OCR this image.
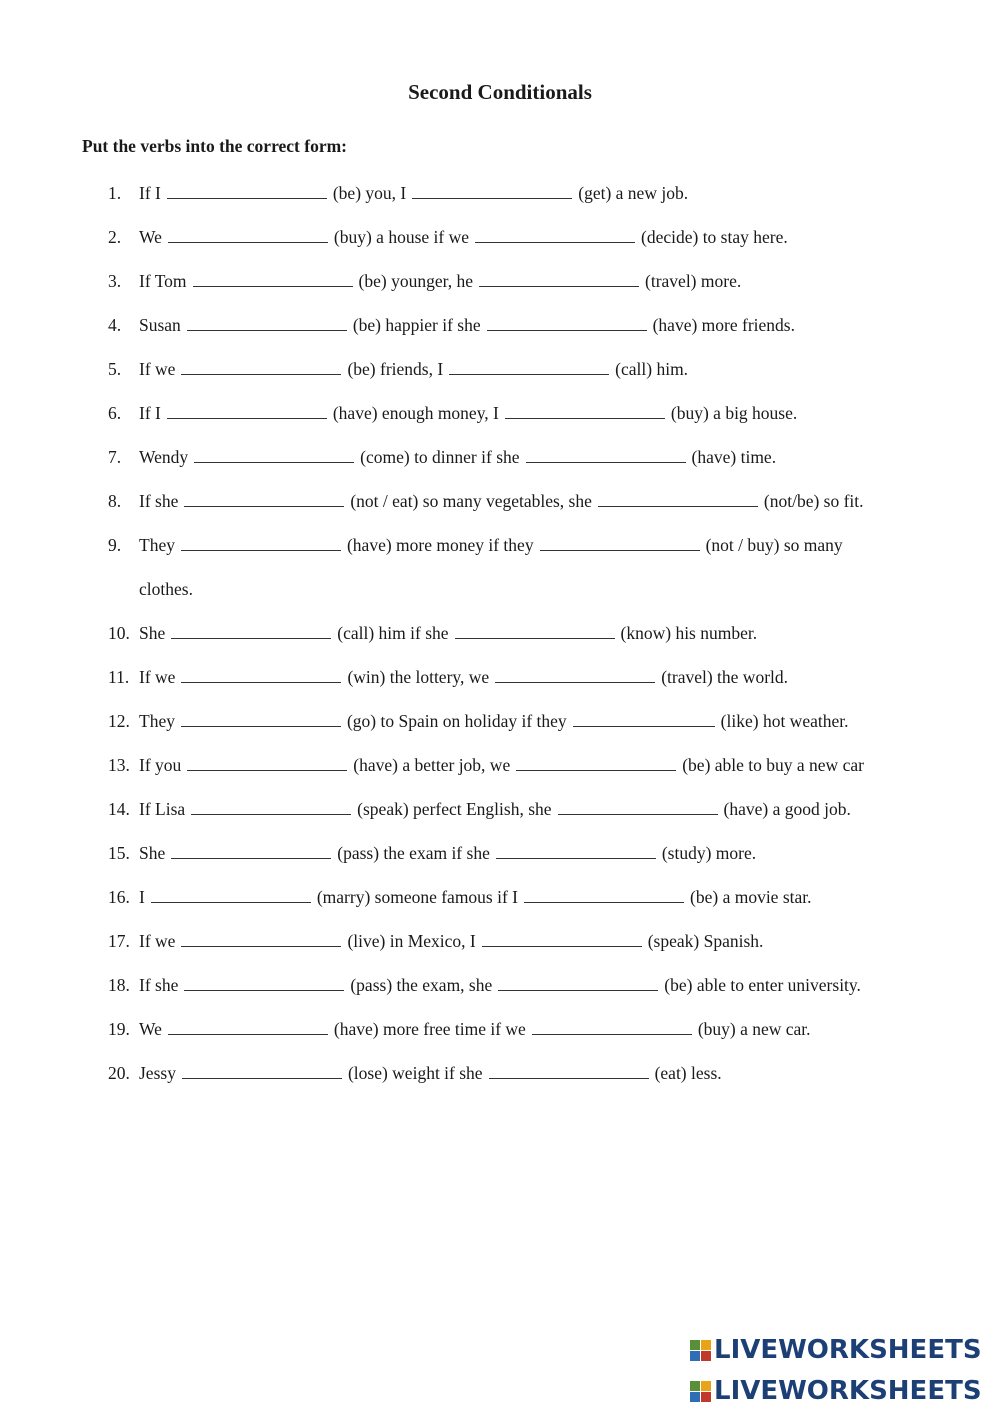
Second Conditionals
Put the verbs into the correct form:
1. If I	(be) you, I	(get) a new job.
2. We	(buy) a house if we	(decide) to stay here.
3. If Tom	(be) younger, he	(travel) more.
4. Susan	(be) happier if she	(have) more friends.
5. If we	(be) friends, I	(call) him.
6. If I	(have) enough money, I	(buy) a big house.
7. Wendy	(come) to dinner if she	(have) time.
8. If she	(not / eat) so many vegetables, she	(not/be) so fit.
9. They	(have) more money if they	(not / buy) so many
clothes.
10. She	(call) him if she	(know) his number.
11. If we	(win) the lottery, we	(travel) the world.
12. They	(go) to Spain on holiday if they	(like) hot weather.
13. If you	(have) a better job, we	(be) able to buy a new car
14. If Lisa	(speak) perfect English, she	(have) a good job.
15. She	(pass) the exam if she	(study) more.
16. I	(marry) someone famous if I	(be) a movie star.
17. If we	(live) in Mexico, I	(speak) Spanish.
18. If she	(pass) the exam, she	(be) able to enter university.
19. We	(have) more free time if we	(buy) a new car.
20. Jessy	(lose) weight if she	(eat) less.
LIVEWORKSHEETS
LIVEWORKSHEETS
